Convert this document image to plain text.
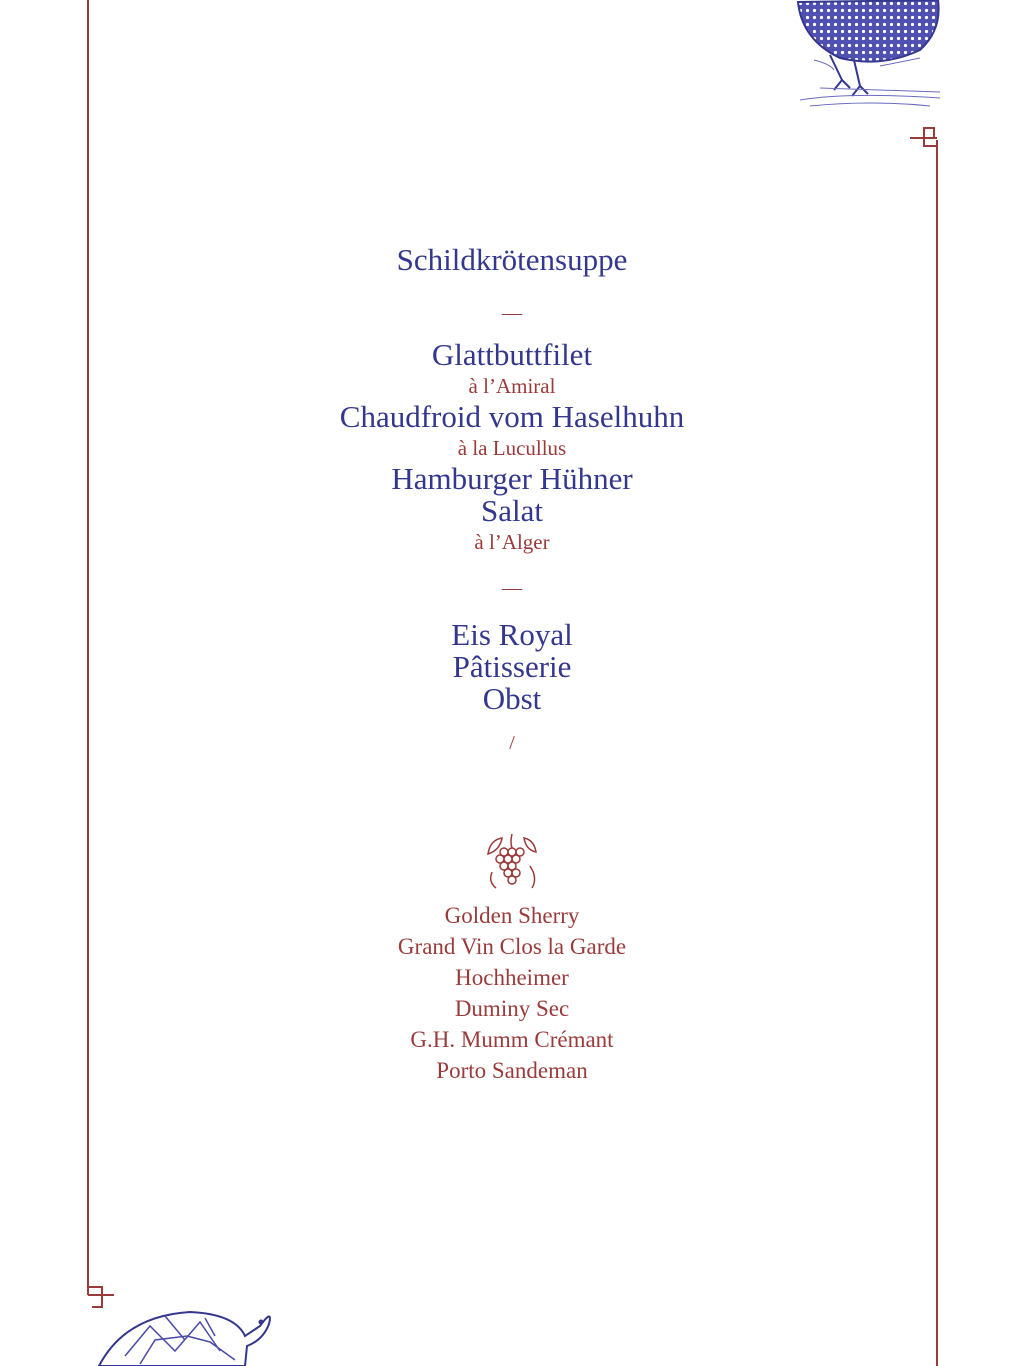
Schildkrötensuppe
—
Glattbuttfilet
à l’Amiral
Chaudfroid vom Haselhuhn
à la Lucullus
Hamburger Hühner
Salat
à l’Alger
—
Eis Royal
Pâtisserie
Obst
/
Golden Sherry
Grand Vin Clos la Garde
Hochheimer
Duminy Sec
G.H. Mumm Crémant
Porto Sandeman
